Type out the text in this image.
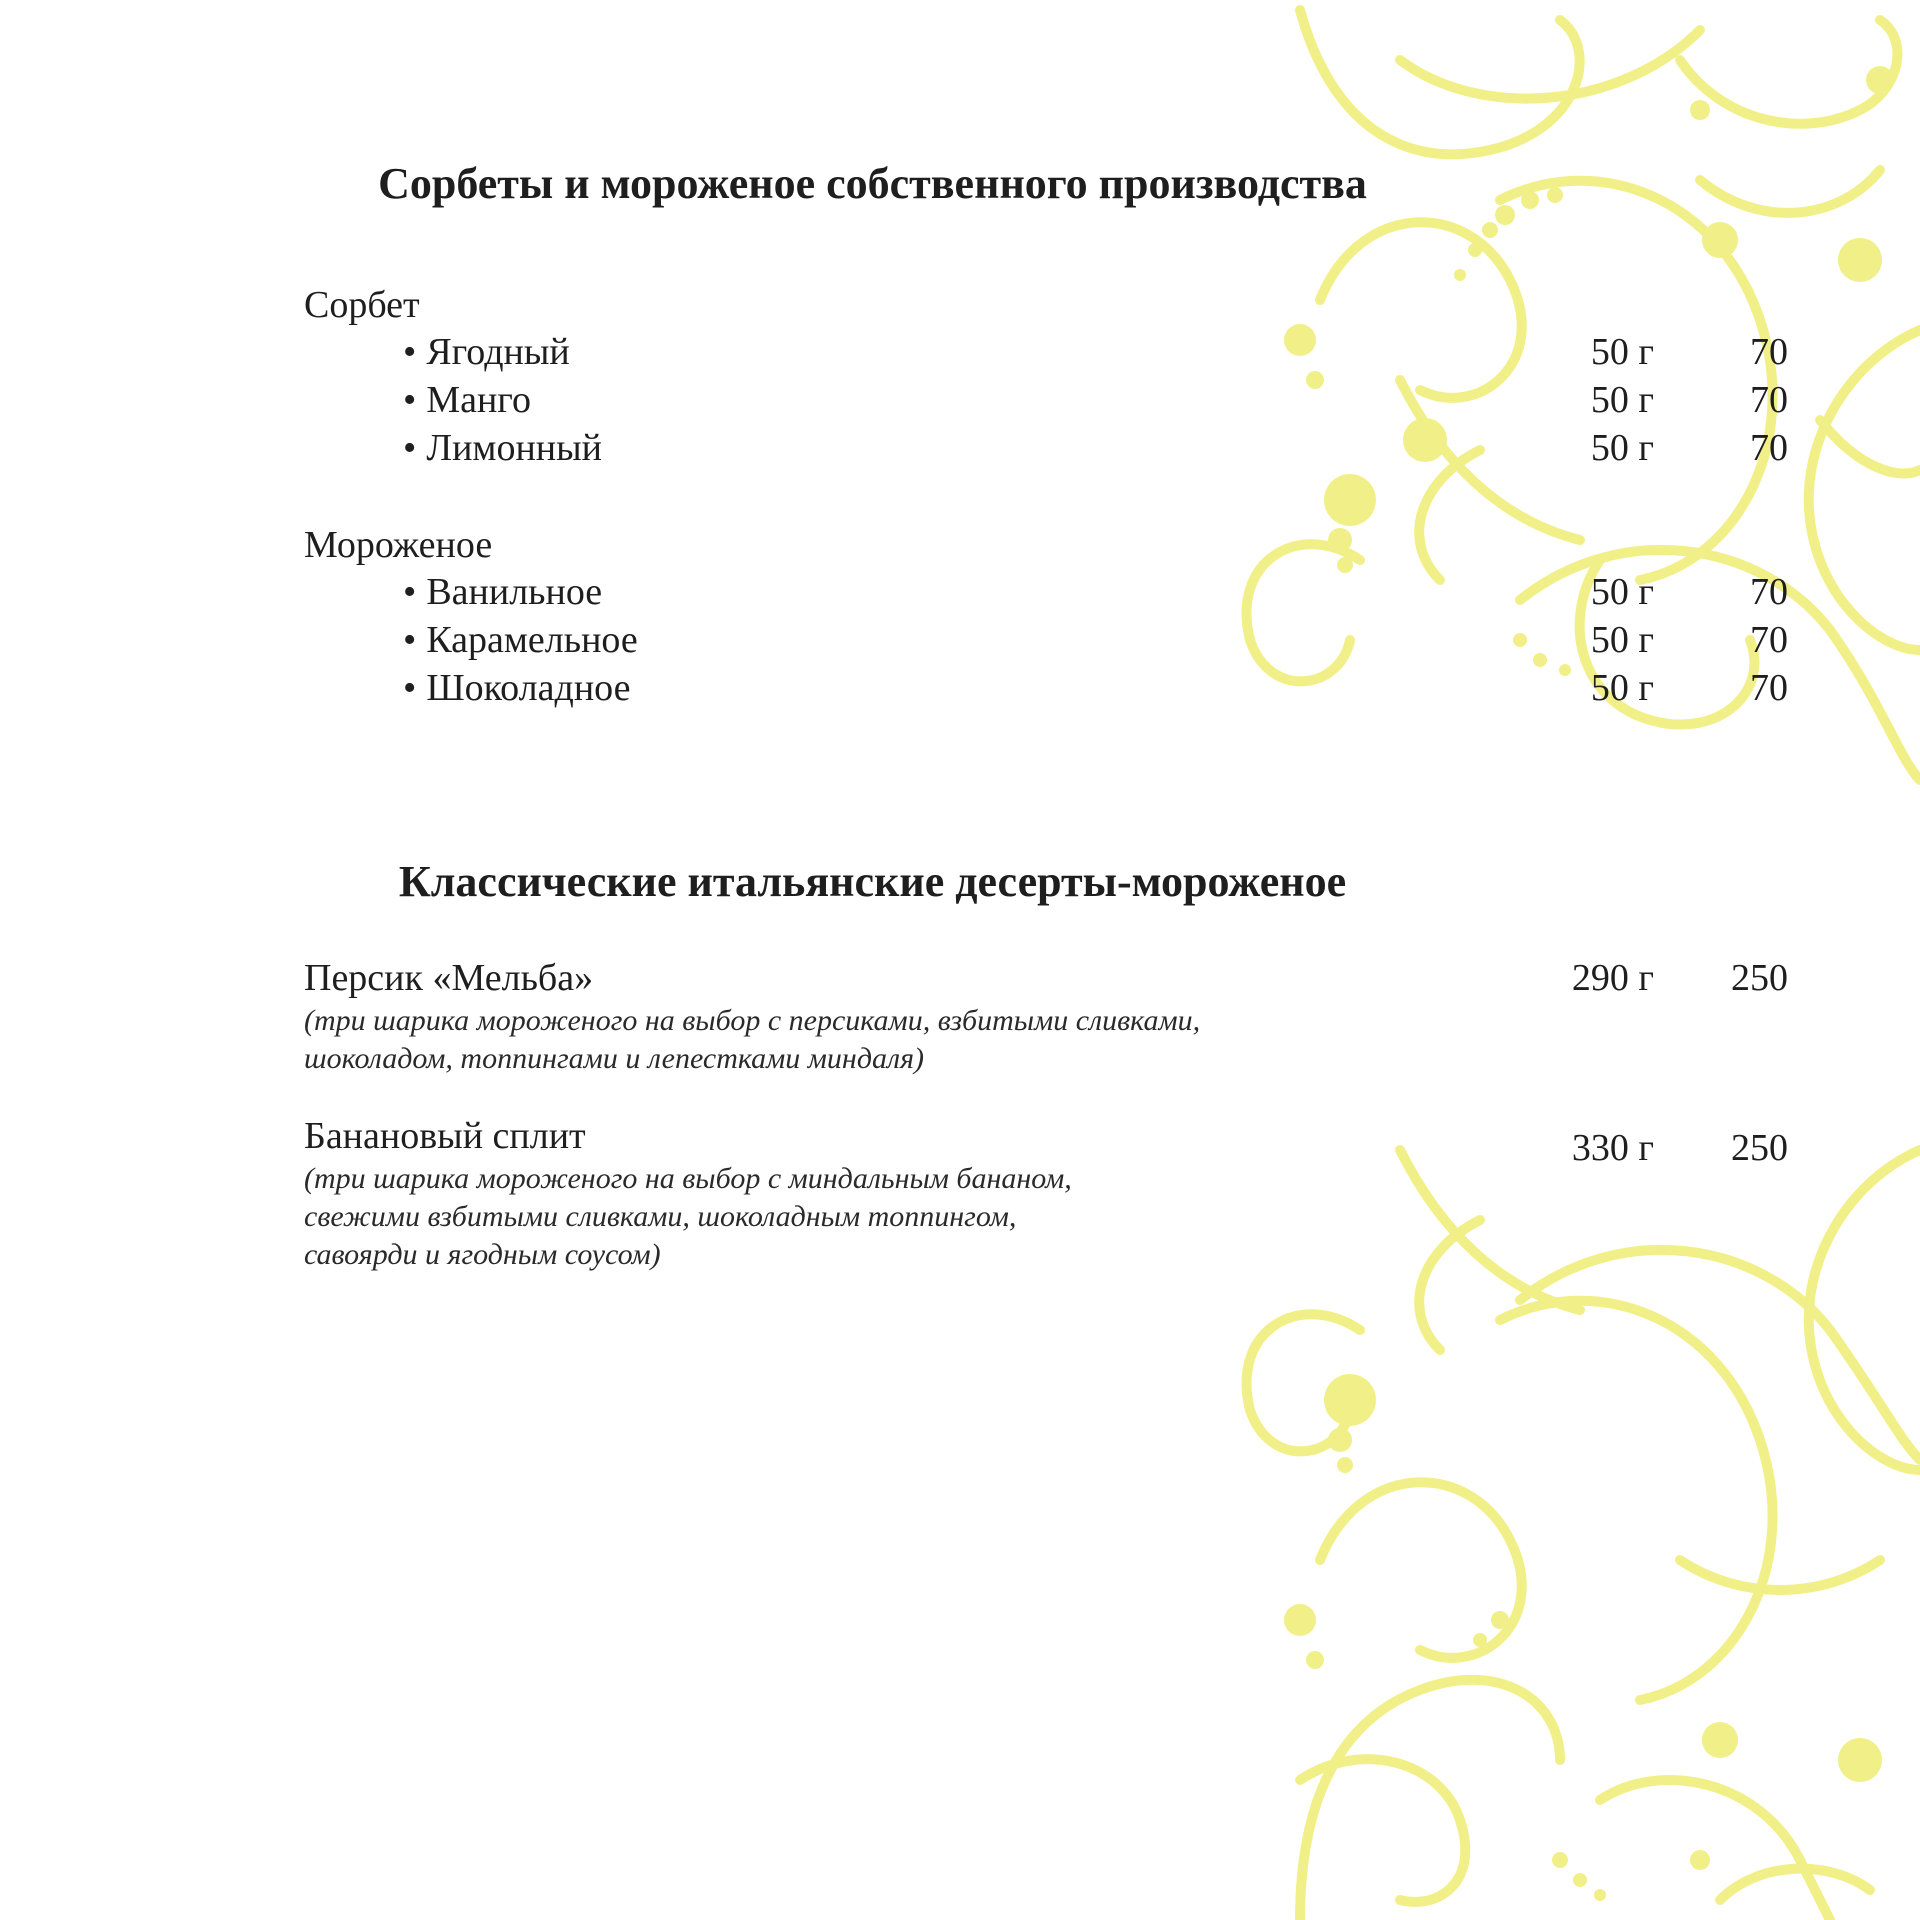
Сорбеты и мороженое собственного производства
Сорбет
• Ягодный	50 г	70
• Манго	50 г	70
• Лимонный	50 г	70
Мороженое
• Ванильное	50 г	70
• Карамельное	50 г	70
• Шоколадное	50 г	70
Классические итальянские десерты-мороженое
Персик «Мельба»	290 г	250

(три шарика мороженого на выбор с персиками, взбитыми сливками,
шоколадом, топпингами и лепестками миндаля)

Банановый сплит	330 г	250

(три шарика мороженого на выбор с миндальным бананом,
свежими взбитыми сливками, шоколадным топпингом,
савоярди и ягодным соусом)
